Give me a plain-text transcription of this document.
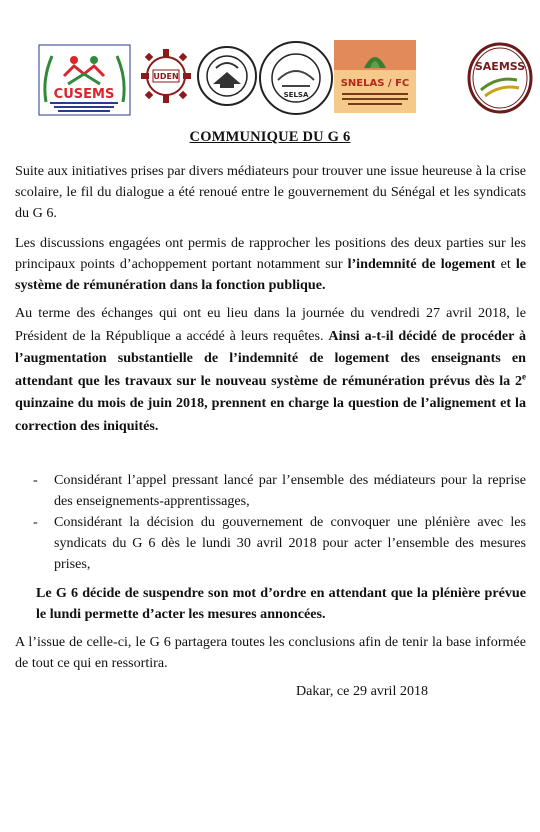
CUSEMS
UDEN
SELSA
SNELAS / FC
SAEMSS
COMMUNIQUE DU G 6

Suite aux initiatives prises par divers médiateurs pour trouver une issue heureuse à la crise scolaire, le fil du dialogue a été renoué entre le gouvernement du Sénégal et les syndicats du G 6.

Les discussions engagées ont permis de rapprocher les positions des deux parties sur les principaux points d’achoppement portant notamment sur l’indemnité de logement et le système de rémunération dans la fonction publique.

Au terme des échanges qui ont eu lieu dans la journée du vendredi 27 avril 2018, le Président de la République a accédé à leurs requêtes. Ainsi a-t-il décidé de procéder à l’augmentation substantielle de l’indemnité de logement des enseignants en attendant que les travaux sur le nouveau système de rémunération prévus dès la 2e quinzaine du mois de juin 2018, prennent en charge la question de l’alignement et la correction des iniquités.

- Considérant l’appel pressant lancé par l’ensemble des médiateurs pour la reprise des enseignements-apprentissages,
- Considérant la décision du gouvernement de convoquer une plénière avec les syndicats du G 6 dès le lundi 30 avril 2018 pour acter l’ensemble des mesures prises,

Le G 6 décide de suspendre son mot d’ordre en attendant que la plénière prévue le lundi permette d’acter les mesures annoncées.

A l’issue de celle-ci, le G 6 partagera toutes les conclusions afin de tenir la base informée de tout ce qui en ressortira.

Dakar, ce 29 avril 2018
